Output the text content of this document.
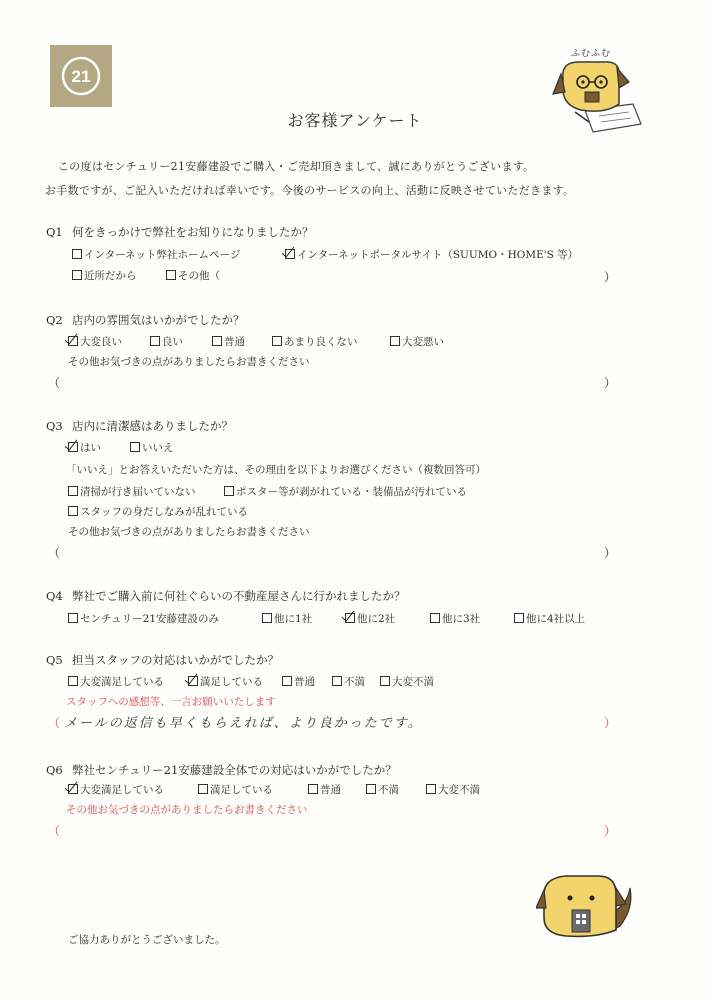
21
ふむふむ
お客様アンケート
この度はセンチュリー21安藤建設でご購入・ご売却頂きまして、誠にありがとうございます。
お手数ですが、ご記入いただければ幸いです。今後のサービスの向上、活動に反映させていただきます。
Q1 何をきっかけで弊社をお知りになりましたか？
インターネット弊社ホームページ	インターネットポータルサイト（SUUMO・HOME'S 等）
近所だから	その他（	）
Q2 店内の雰囲気はいかがでしたか？
大変良い	良い	普通	あまり良くない	大変悪い
その他お気づきの点がありましたらお書きください
（	）
Q3 店内に清潔感はありましたか？
はい	いいえ
「いいえ」とお答えいただいた方は、その理由を以下よりお選びください（複数回答可）
清掃が行き届いていない	ポスター等が剥がれている・装備品が汚れている
スタッフの身だしなみが乱れている
その他お気づきの点がありましたらお書きください
（	）
Q4 弊社でご購入前に何社ぐらいの不動産屋さんに行かれましたか？
センチュリー21安藤建設のみ	他に1社	他に2社	他に3社	他に4社以上
Q5 担当スタッフの対応はいかがでしたか？
大変満足している	満足している	普通	不満	大変不満
スタッフへの感想等、一言お願いいたします
（ メールの返信も早くもらえれば、より良かったです。	）
Q6 弊社センチュリー21安藤建設全体での対応はいかがでしたか？
大変満足している	満足している	普通	不満	大変不満
その他お気づきの点がありましたらお書きください
（	）
ご協力ありがとうございました。
